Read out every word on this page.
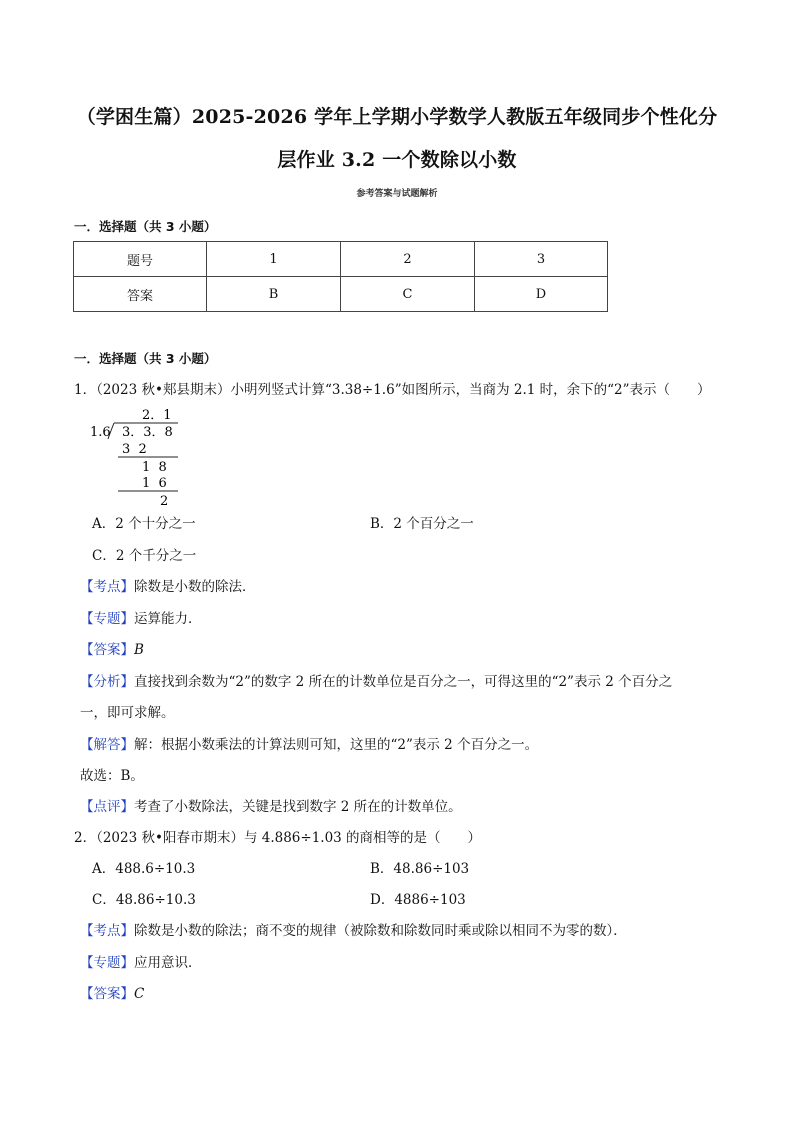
（学困生篇）2025-2026 学年上学期小学数学人教版五年级同步个性化分
层作业 3.2 一个数除以小数
参考答案与试题解析
一．选择题（共 3 小题）
题号	1	2	3
答案	B	C	D
一．选择题（共 3 小题）
1．（2023 秋•郏县期末）小明列竖式计算“3.38÷1.6”如图所示，当商为 2.1 时，余下的“2”表示（　　）
2．1
1.6 3．3．8
3  2
1  8
1  6
2
A．2 个十分之一	B．2 个百分之一
C．2 个千分之一
【考点】除数是小数的除法．
【专题】运算能力．
【答案】B
【分析】直接找到余数为“2”的数字 2 所在的计数单位是百分之一，可得这里的“2”表示 2 个百分之
一，即可求解。
【解答】解：根据小数乘法的计算法则可知，这里的“2”表示 2 个百分之一。
故选：B。
【点评】考查了小数除法，关键是找到数字 2 所在的计数单位。
2．（2023 秋•阳春市期末）与 4.886÷1.03 的商相等的是（　　）
A．488.6÷10.3	B．48.86÷103
C．48.86÷10.3	D．4886÷103
【考点】除数是小数的除法；商不变的规律（被除数和除数同时乘或除以相同不为零的数）．
【专题】应用意识．
【答案】C
